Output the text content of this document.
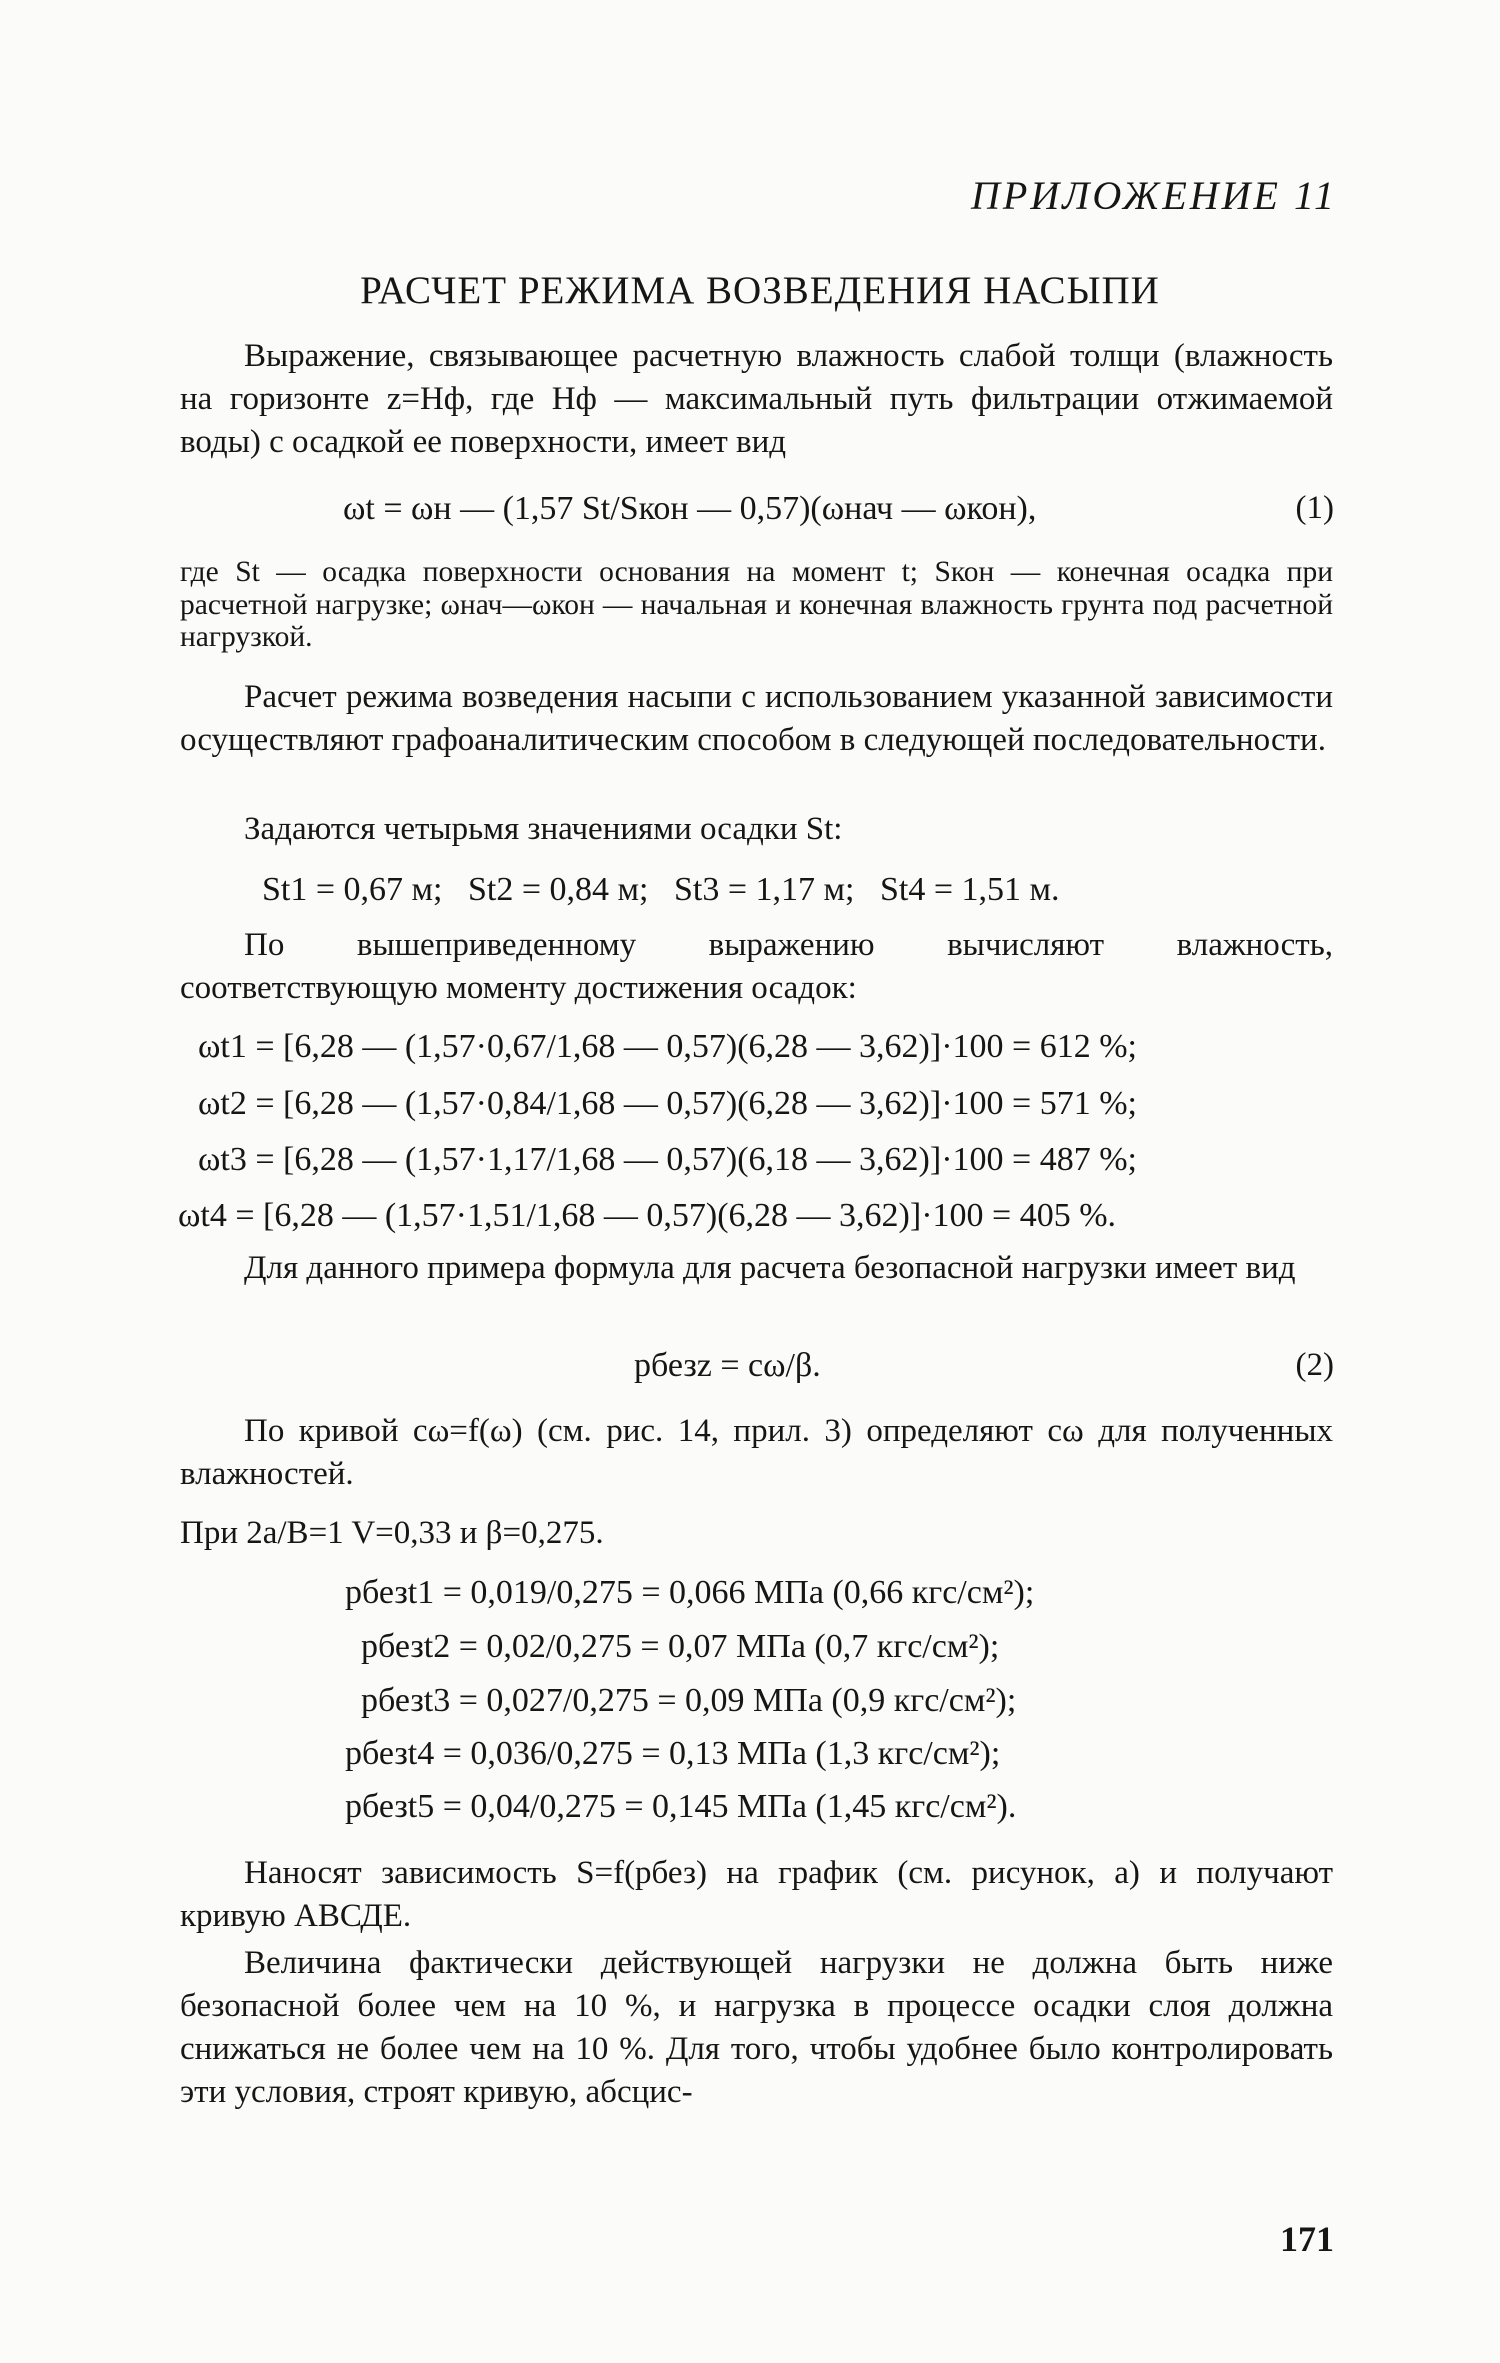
ПРИЛОЖЕНИЕ 11
РАСЧЕТ РЕЖИМА ВОЗВЕДЕНИЯ НАСЫПИ

Выражение, связывающее расчетную влажность слабой толщи (влажность на горизонте z=Hф, где Hф — максимальный путь фильтрации отжимаемой воды) с осадкой ее поверхности, имеет вид

ωt = ωн — (1,57 St/Sкон — 0,57)(ωнач — ωкон),	(1)

где St — осадка поверхности основания на момент t; Sкон — конечная осадка при расчетной нагрузке; ωнач—ωкон — начальная и конечная влажность грунта под расчетной нагрузкой.

Расчет режима возведения насыпи с использованием указанной зависимости осуществляют графоаналитическим способом в следующей последовательности.

Задаются четырьмя значениями осадки St:

St1 = 0,67 м;   St2 = 0,84 м;   St3 = 1,17 м;   St4 = 1,51 м.

По вышеприведенному выражению вычисляют влажность, соответствующую моменту достижения осадок:

ωt1 = [6,28 — (1,57·0,67/1,68 — 0,57)(6,28 — 3,62)]·100 = 612 %;
ωt2 = [6,28 — (1,57·0,84/1,68 — 0,57)(6,28 — 3,62)]·100 = 571 %;
ωt3 = [6,28 — (1,57·1,17/1,68 — 0,57)(6,18 — 3,62)]·100 = 487 %;
ωt4 = [6,28 — (1,57·1,51/1,68 — 0,57)(6,28 — 3,62)]·100 = 405 %.

Для данного примера формула для расчета безопасной нагрузки имеет вид

pбезz = cω/β.	(2)

По кривой cω=f(ω) (см. рис. 14, прил. 3) определяют cω для полученных влажностей.

При 2a/B=1 V=0,33 и β=0,275.
pбезt1 = 0,019/0,275 = 0,066 МПа (0,66 кгс/см²);
pбезt2 = 0,02/0,275 = 0,07 МПа (0,7 кгс/см²);
pбезt3 = 0,027/0,275 = 0,09 МПа (0,9 кгс/см²);
pбезt4 = 0,036/0,275 = 0,13 МПа (1,3 кгс/см²);
pбезt5 = 0,04/0,275 = 0,145 МПа (1,45 кгс/см²).

Наносят зависимость S=f(pбез) на график (см. рисунок, а) и получают кривую АВСДЕ.

Величина фактически действующей нагрузки не должна быть ниже безопасной более чем на 10 %, и нагрузка в процессе осадки слоя должна снижаться не более чем на 10 %. Для того, чтобы удобнее было контролировать эти условия, строят кривую, абсцис-

171
